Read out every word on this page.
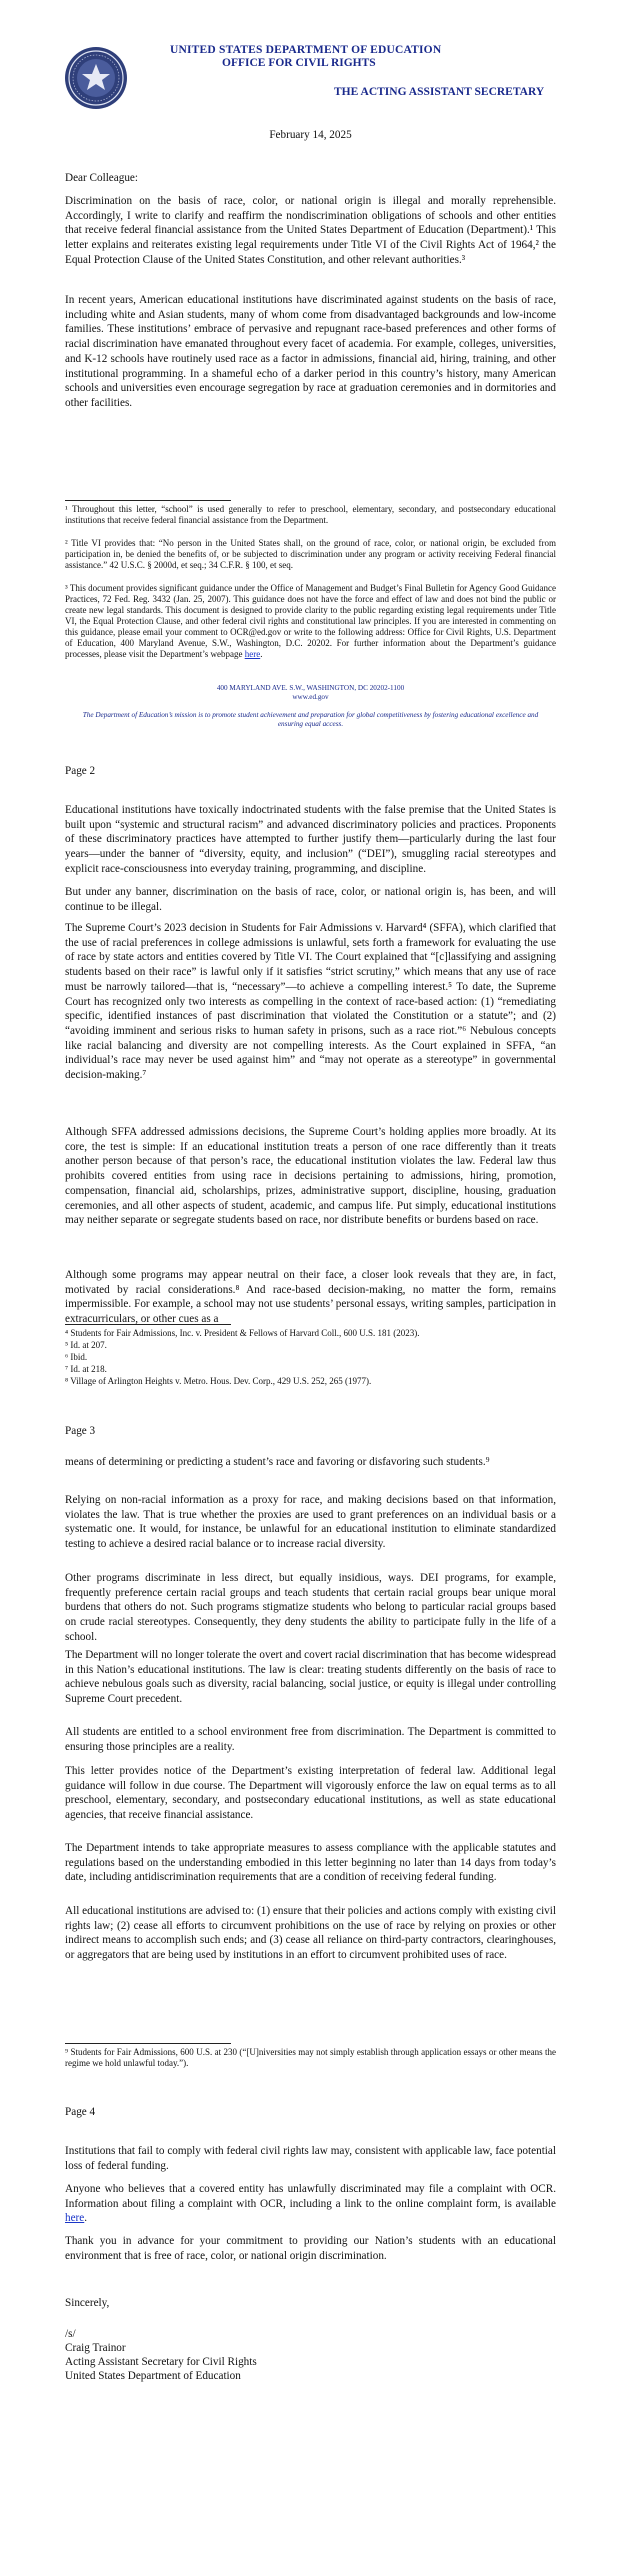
UNITED STATES DEPARTMENT OF EDUCATION

OFFICE FOR CIVIL RIGHTS

THE ACTING ASSISTANT SECRETARY

February 14, 2025

Dear Colleague:

Discrimination on the basis of race, color, or national origin is illegal and morally reprehensible. Accordingly, I write to clarify and reaffirm the nondiscrimination obligations of schools and other entities that receive federal financial assistance from the United States Department of Education (Department).¹ This letter explains and reiterates existing legal requirements under Title VI of the Civil Rights Act of 1964,² the Equal Protection Clause of the United States Constitution, and other relevant authorities.³

In recent years, American educational institutions have discriminated against students on the basis of race, including white and Asian students, many of whom come from disadvantaged backgrounds and low-income families. These institutions’ embrace of pervasive and repugnant race-based preferences and other forms of racial discrimination have emanated throughout every facet of academia. For example, colleges, universities, and K-12 schools have routinely used race as a factor in admissions, financial aid, hiring, training, and other institutional programming. In a shameful echo of a darker period in this country’s history, many American schools and universities even encourage segregation by race at graduation ceremonies and in dormitories and other facilities.

¹ Throughout this letter, “school” is used generally to refer to preschool, elementary, secondary, and postsecondary educational institutions that receive federal financial assistance from the Department.

² Title VI provides that: “No person in the United States shall, on the ground of race, color, or national origin, be excluded from participation in, be denied the benefits of, or be subjected to discrimination under any program or activity receiving Federal financial assistance.” 42 U.S.C. § 2000d, et seq.; 34 C.F.R. § 100, et seq.

³ This document provides significant guidance under the Office of Management and Budget’s Final Bulletin for Agency Good Guidance Practices, 72 Fed. Reg. 3432 (Jan. 25, 2007). This guidance does not have the force and effect of law and does not bind the public or create new legal standards. This document is designed to provide clarity to the public regarding existing legal requirements under Title VI, the Equal Protection Clause, and other federal civil rights and constitutional law principles. If you are interested in commenting on this guidance, please email your comment to OCR@ed.gov or write to the following address: Office for Civil Rights, U.S. Department of Education, 400 Maryland Avenue, S.W., Washington, D.C. 20202. For further information about the Department’s guidance processes, please visit the Department’s webpage here.

400 MARYLAND AVE. S.W., WASHINGTON, DC 20202-1100

www.ed.gov

The Department of Education’s mission is to promote student achievement and preparation for global competitiveness by fostering educational excellence and ensuring equal access.

Page 2

Educational institutions have toxically indoctrinated students with the false premise that the United States is built upon “systemic and structural racism” and advanced discriminatory policies and practices. Proponents of these discriminatory practices have attempted to further justify them—particularly during the last four years—under the banner of “diversity, equity, and inclusion” (“DEI”), smuggling racial stereotypes and explicit race-consciousness into everyday training, programming, and discipline.

But under any banner, discrimination on the basis of race, color, or national origin is, has been, and will continue to be illegal.

The Supreme Court’s 2023 decision in Students for Fair Admissions v. Harvard⁴ (SFFA), which clarified that the use of racial preferences in college admissions is unlawful, sets forth a framework for evaluating the use of race by state actors and entities covered by Title VI. The Court explained that “[c]lassifying and assigning students based on their race” is lawful only if it satisfies “strict scrutiny,” which means that any use of race must be narrowly tailored—that is, “necessary”—to achieve a compelling interest.⁵ To date, the Supreme Court has recognized only two interests as compelling in the context of race-based action: (1) “remediating specific, identified instances of past discrimination that violated the Constitution or a statute”; and (2) “avoiding imminent and serious risks to human safety in prisons, such as a race riot.”⁶ Nebulous concepts like racial balancing and diversity are not compelling interests. As the Court explained in SFFA, “an individual’s race may never be used against him” and “may not operate as a stereotype” in governmental decision-making.⁷

Although SFFA addressed admissions decisions, the Supreme Court’s holding applies more broadly. At its core, the test is simple: If an educational institution treats a person of one race differently than it treats another person because of that person’s race, the educational institution violates the law. Federal law thus prohibits covered entities from using race in decisions pertaining to admissions, hiring, promotion, compensation, financial aid, scholarships, prizes, administrative support, discipline, housing, graduation ceremonies, and all other aspects of student, academic, and campus life. Put simply, educational institutions may neither separate or segregate students based on race, nor distribute benefits or burdens based on race.

Although some programs may appear neutral on their face, a closer look reveals that they are, in fact, motivated by racial considerations.⁸ And race-based decision-making, no matter the form, remains impermissible. For example, a school may not use students’ personal essays, writing samples, participation in extracurriculars, or other cues as a

⁴ Students for Fair Admissions, Inc. v. President & Fellows of Harvard Coll., 600 U.S. 181 (2023).

⁵ Id. at 207.

⁶ Ibid.

⁷ Id. at 218.

⁸ Village of Arlington Heights v. Metro. Hous. Dev. Corp., 429 U.S. 252, 265 (1977).

Page 3

means of determining or predicting a student’s race and favoring or disfavoring such students.⁹

Relying on non-racial information as a proxy for race, and making decisions based on that information, violates the law. That is true whether the proxies are used to grant preferences on an individual basis or a systematic one. It would, for instance, be unlawful for an educational institution to eliminate standardized testing to achieve a desired racial balance or to increase racial diversity.

Other programs discriminate in less direct, but equally insidious, ways. DEI programs, for example, frequently preference certain racial groups and teach students that certain racial groups bear unique moral burdens that others do not. Such programs stigmatize students who belong to particular racial groups based on crude racial stereotypes. Consequently, they deny students the ability to participate fully in the life of a school.

The Department will no longer tolerate the overt and covert racial discrimination that has become widespread in this Nation’s educational institutions. The law is clear: treating students differently on the basis of race to achieve nebulous goals such as diversity, racial balancing, social justice, or equity is illegal under controlling Supreme Court precedent.

All students are entitled to a school environment free from discrimination. The Department is committed to ensuring those principles are a reality.

This letter provides notice of the Department’s existing interpretation of federal law. Additional legal guidance will follow in due course. The Department will vigorously enforce the law on equal terms as to all preschool, elementary, secondary, and postsecondary educational institutions, as well as state educational agencies, that receive financial assistance.

The Department intends to take appropriate measures to assess compliance with the applicable statutes and regulations based on the understanding embodied in this letter beginning no later than 14 days from today’s date, including antidiscrimination requirements that are a condition of receiving federal funding.

All educational institutions are advised to: (1) ensure that their policies and actions comply with existing civil rights law; (2) cease all efforts to circumvent prohibitions on the use of race by relying on proxies or other indirect means to accomplish such ends; and (3) cease all reliance on third-party contractors, clearinghouses, or aggregators that are being used by institutions in an effort to circumvent prohibited uses of race.

⁹ Students for Fair Admissions, 600 U.S. at 230 (“[U]niversities may not simply establish through application essays or other means the regime we hold unlawful today.”).

Page 4

Institutions that fail to comply with federal civil rights law may, consistent with applicable law, face potential loss of federal funding.

Anyone who believes that a covered entity has unlawfully discriminated may file a complaint with OCR. Information about filing a complaint with OCR, including a link to the online complaint form, is available here.

Thank you in advance for your commitment to providing our Nation’s students with an educational environment that is free of race, color, or national origin discrimination.

Sincerely,

/s/

Craig Trainor

Acting Assistant Secretary for Civil Rights

United States Department of Education
